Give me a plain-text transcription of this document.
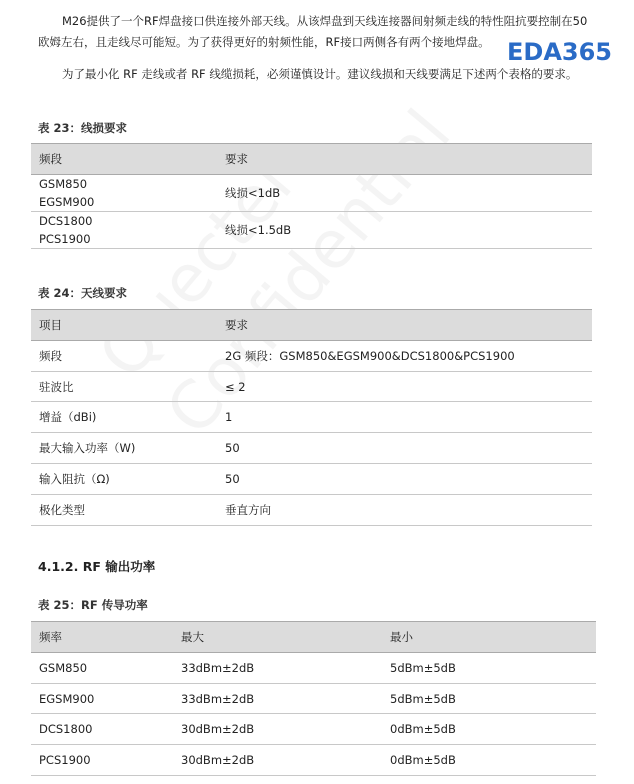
M26提供了一个RF焊盘接口供连接外部天线。从该焊盘到天线连接器间射频走线的特性阻抗要控制在50欧姆左右，且走线尽可能短。为了获得更好的射频性能，RF接口两侧各有两个接地焊盘。 EDA365
为了最小化 RF 走线或者 RF 线缆损耗，必须谨慎设计。建议线损和天线要满足下述两个表格的要求。
表 23：线损要求
频段	要求

GSM850
EGSM900	线损<1dB

DCS1800
PCS1900	线损<1.5dB
表 24：天线要求
项目	要求
频段	2G 频段：GSM850&EGSM900&DCS1800&PCS1900
驻波比	≤ 2
增益（dBi)	1
最大输入功率（W)	50
输入阻抗（Ω)	50
极化类型	垂直方向
4.1.2. RF 输出功率
表 25：RF 传导功率
频率	最大	最小
GSM850	33dBm±2dB	5dBm±5dB
EGSM900	33dBm±2dB	5dBm±5dB
DCS1800	30dBm±2dB	0dBm±5dB
PCS1900	30dBm±2dB	0dBm±5dB
